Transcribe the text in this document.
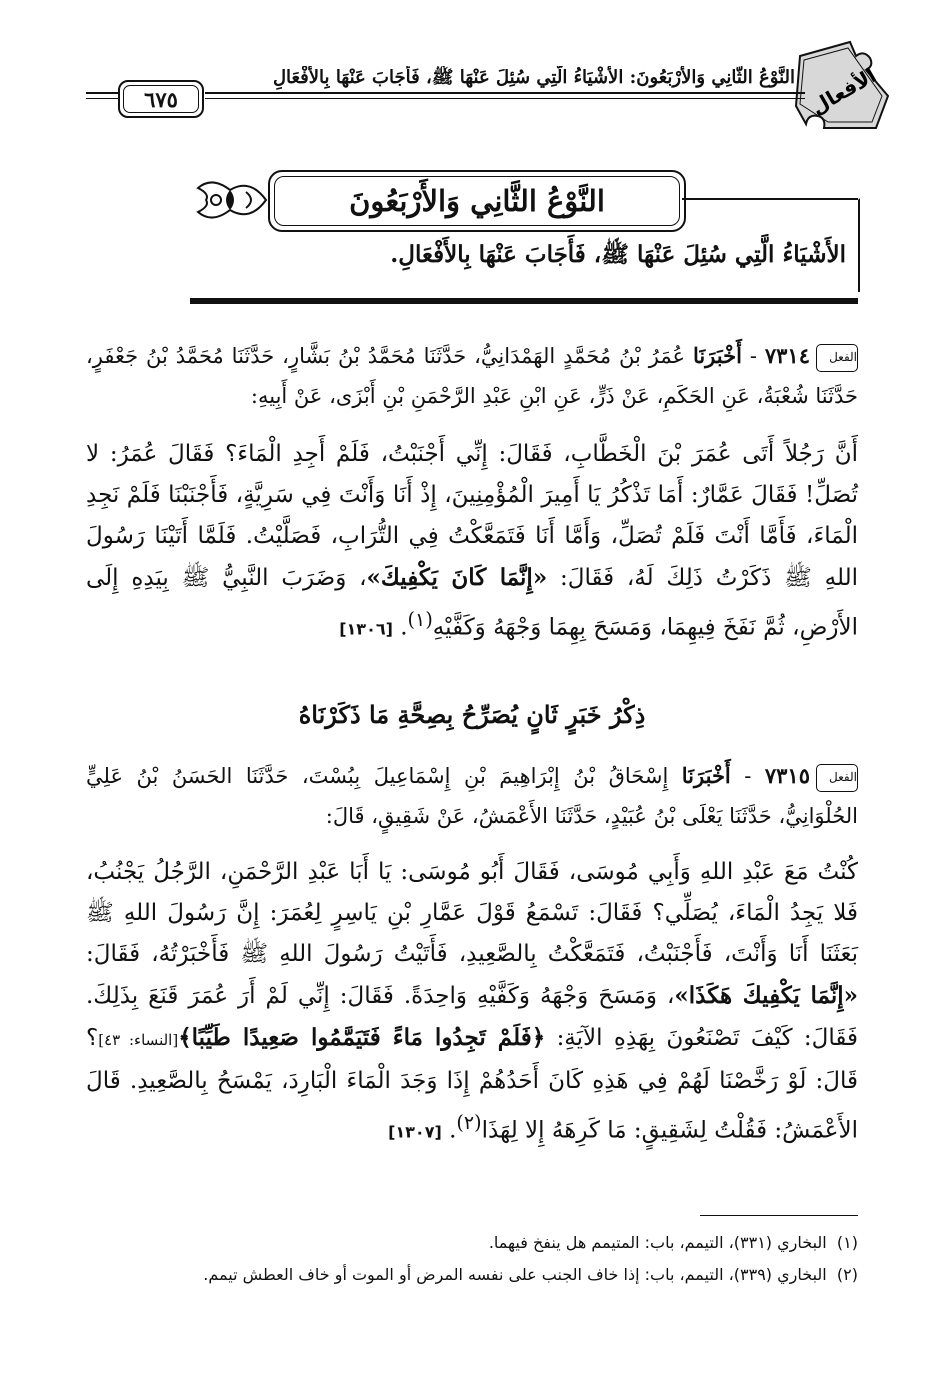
الأفعال
النَّوْعُ الثَّانِي وَالأَرْبَعُونَ: الأَشْيَاءُ الَّتِي سُئِلَ عَنْهَا ﷺ، فَأَجَابَ عَنْهَا بِالأَفْعَالِ
٦٧٥
النَّوْعُ الثَّانِي وَالأَرْبَعُونَ
الأَشْيَاءُ الَّتِي سُئِلَ عَنْهَا ﷺ، فَأَجَابَ عَنْهَا بِالأَفْعَالِ.
الفعل٧٣١٤ - أَخْبَرَنَا عُمَرُ بْنُ مُحَمَّدٍ الهَمْدَانِيُّ، حَدَّثَنَا مُحَمَّدُ بْنُ بَشَّارٍ، حَدَّثَنَا مُحَمَّدُ بْنُ جَعْفَرٍ، حَدَّثَنَا شُعْبَةُ، عَنِ الحَكَمِ، عَنْ ذَرٍّ، عَنِ ابْنِ عَبْدِ الرَّحْمَنِ بْنِ أَبْزَى، عَنْ أَبِيهِ:
أَنَّ رَجُلاً أَتَى عُمَرَ بْنَ الْخَطَّابِ، فَقَالَ: إِنِّي أَجْنَبْتُ، فَلَمْ أَجِدِ الْمَاءَ؟ فَقَالَ عُمَرُ: لا تُصَلِّ! فَقَالَ عَمَّارٌ: أَمَا تَذْكُرُ يَا أَمِيرَ الْمُؤْمِنِينَ، إِذْ أَنَا وَأَنْتَ فِي سَرِيَّةٍ، فَأَجْنَبْنَا فَلَمْ نَجِدِ الْمَاءَ، فَأَمَّا أَنْتَ فَلَمْ تُصَلِّ، وَأَمَّا أَنَا فَتَمَعَّكْتُ فِي التُّرَابِ، فَصَلَّيْتُ. فَلَمَّا أَتَيْنَا رَسُولَ اللهِ ﷺ ذَكَرْتُ ذَلِكَ لَهُ، فَقَالَ: «إِنَّمَا كَانَ يَكْفِيكَ»، وَضَرَبَ النَّبِيُّ ﷺ بِيَدِهِ إِلَى الأَرْضِ، ثُمَّ نَفَخَ فِيهِمَا، وَمَسَحَ بِهِمَا وَجْهَهُ وَكَفَّيْهِ$^{(١)}$. [١٣٠٦]
ذِكْرُ خَبَرٍ ثَانٍ يُصَرِّحُ بِصِحَّةِ مَا ذَكَرْنَاهُ
الفعل٧٣١٥ - أَخْبَرَنَا إِسْحَاقُ بْنُ إِبْرَاهِيمَ بْنِ إِسْمَاعِيلَ بِبُسْتَ، حَدَّثَنَا الحَسَنُ بْنُ عَلِيٍّ الحُلْوَانِيُّ، حَدَّثَنَا يَعْلَى بْنُ عُبَيْدٍ، حَدَّثَنَا الأَعْمَشُ، عَنْ شَقِيقٍ، قَالَ:
كُنْتُ مَعَ عَبْدِ اللهِ وَأَبِي مُوسَى، فَقَالَ أَبُو مُوسَى: يَا أَبَا عَبْدِ الرَّحْمَنِ، الرَّجُلُ يَجْنُبُ، فَلا يَجِدُ الْمَاءَ، يُصَلِّي؟ فَقَالَ: تَسْمَعُ قَوْلَ عَمَّارِ بْنِ يَاسِرٍ لِعُمَرَ: إِنَّ رَسُولَ اللهِ ﷺ بَعَثَنَا أَنَا وَأَنْتَ، فَأَجْنَبْتُ، فَتَمَعَّكْتُ بِالصَّعِيدِ، فَأَتَيْتُ رَسُولَ اللهِ ﷺ فَأَخْبَرْتُهُ، فَقَالَ: «إِنَّمَا يَكْفِيكَ هَكَذَا»، وَمَسَحَ وَجْهَهُ وَكَفَّيْهِ وَاحِدَةً. فَقَالَ: إِنِّي لَمْ أَرَ عُمَرَ قَنَعَ بِذَلِكَ. فَقَالَ: كَيْفَ تَصْنَعُونَ بِهَذِهِ الآيَةِ: ﴿فَلَمْ تَجِدُوا مَاءً فَتَيَمَّمُوا صَعِيدًا طَيِّبًا﴾[النساء: ٤٣]؟ قَالَ: لَوْ رَخَّصْنَا لَهُمْ فِي هَذِهِ كَانَ أَحَدُهُمْ إِذَا وَجَدَ الْمَاءَ الْبَارِدَ، يَمْسَحُ بِالصَّعِيدِ. قَالَ الأَعْمَشُ: فَقُلْتُ لِشَقِيقٍ: مَا كَرِهَهُ إِلا لِهَذَا$^{(٢)}$. [١٣٠٧]
(١)  البخاري (٣٣١)، التيمم، باب: المتيمم هل ينفخ فيهما.
(٢)  البخاري (٣٣٩)، التيمم، باب: إذا خاف الجنب على نفسه المرض أو الموت أو خاف العطش تيمم.
